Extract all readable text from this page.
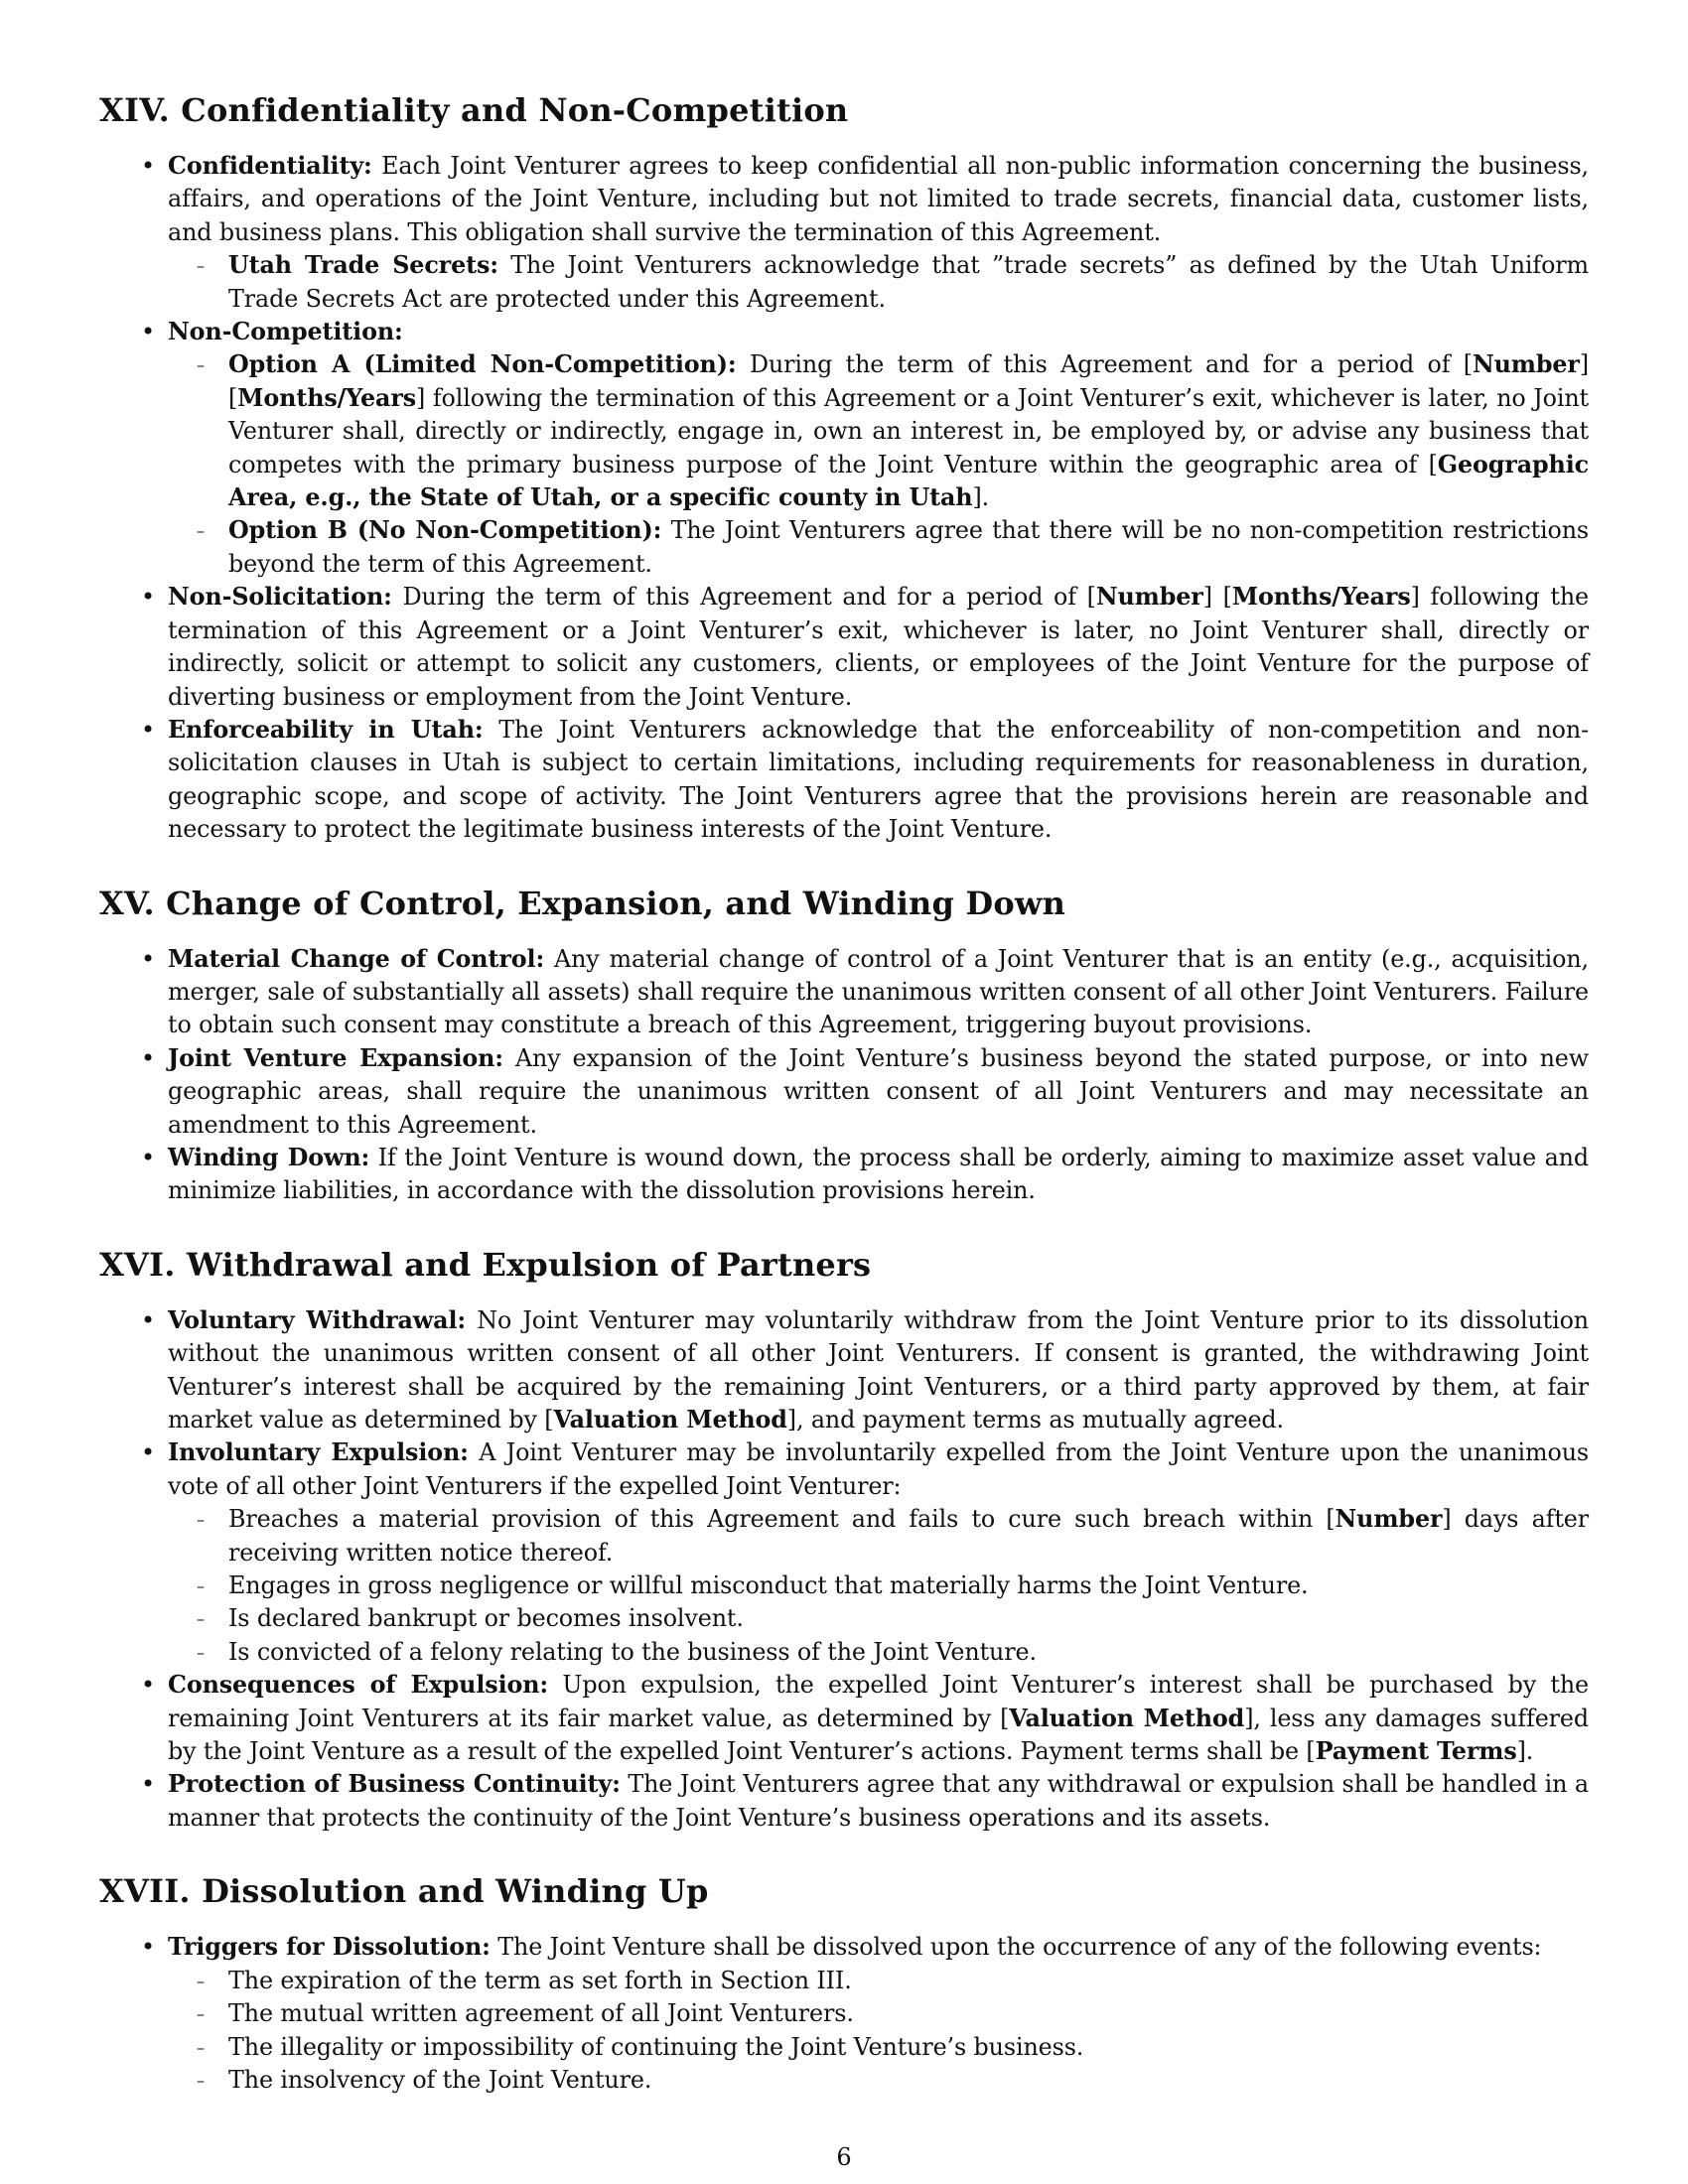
XIV. Confidentiality and Non-Competition
• Confidentiality: Each Joint Venturer agrees to keep confidential all non-public information concerning the business, affairs, and operations of the Joint Venture, including but not limited to trade secrets, financial data, customer lists, and business plans. This obligation shall survive the termination of this Agreement.
– Utah Trade Secrets: The Joint Venturers acknowledge that ”trade secrets” as defined by the Utah Uniform Trade Secrets Act are protected under this Agreement.
• Non-Competition:
– Option A (Limited Non-Competition): During the term of this Agreement and for a period of [Number] [Months/Years] following the termination of this Agreement or a Joint Venturer’s exit, whichever is later, no Joint Venturer shall, directly or indirectly, engage in, own an interest in, be employed by, or advise any business that competes with the primary business purpose of the Joint Venture within the geographic area of [Geographic Area, e.g., the State of Utah, or a specific county in Utah].
– Option B (No Non-Competition): The Joint Venturers agree that there will be no non-competition restrictions beyond the term of this Agreement.
• Non-Solicitation: During the term of this Agreement and for a period of [Number] [Months/Years] following the termination of this Agreement or a Joint Venturer’s exit, whichever is later, no Joint Venturer shall, directly or indirectly, solicit or attempt to solicit any customers, clients, or employees of the Joint Venture for the purpose of diverting business or employment from the Joint Venture.
• Enforceability in Utah: The Joint Venturers acknowledge that the enforceability of non-competition and non-solicitation clauses in Utah is subject to certain limitations, including requirements for reasonableness in duration, geographic scope, and scope of activity. The Joint Venturers agree that the provisions herein are reasonable and necessary to protect the legitimate business interests of the Joint Venture.
XV. Change of Control, Expansion, and Winding Down
• Material Change of Control: Any material change of control of a Joint Venturer that is an entity (e.g., acquisition, merger, sale of substantially all assets) shall require the unanimous written consent of all other Joint Venturers. Failure to obtain such consent may constitute a breach of this Agreement, triggering buyout provisions.
• Joint Venture Expansion: Any expansion of the Joint Venture’s business beyond the stated purpose, or into new geographic areas, shall require the unanimous written consent of all Joint Venturers and may necessitate an amendment to this Agreement.
• Winding Down: If the Joint Venture is wound down, the process shall be orderly, aiming to maximize asset value and minimize liabilities, in accordance with the dissolution provisions herein.
XVI. Withdrawal and Expulsion of Partners
• Voluntary Withdrawal: No Joint Venturer may voluntarily withdraw from the Joint Venture prior to its dissolution without the unanimous written consent of all other Joint Venturers. If consent is granted, the withdrawing Joint Venturer’s interest shall be acquired by the remaining Joint Venturers, or a third party approved by them, at fair market value as determined by [Valuation Method], and payment terms as mutually agreed.
• Involuntary Expulsion: A Joint Venturer may be involuntarily expelled from the Joint Venture upon the unanimous vote of all other Joint Venturers if the expelled Joint Venturer:
– Breaches a material provision of this Agreement and fails to cure such breach within [Number] days after receiving written notice thereof.
– Engages in gross negligence or willful misconduct that materially harms the Joint Venture.
– Is declared bankrupt or becomes insolvent.
– Is convicted of a felony relating to the business of the Joint Venture.
• Consequences of Expulsion: Upon expulsion, the expelled Joint Venturer’s interest shall be purchased by the remaining Joint Venturers at its fair market value, as determined by [Valuation Method], less any damages suffered by the Joint Venture as a result of the expelled Joint Venturer’s actions. Payment terms shall be [Payment Terms].
• Protection of Business Continuity: The Joint Venturers agree that any withdrawal or expulsion shall be handled in a manner that protects the continuity of the Joint Venture’s business operations and its assets.
XVII. Dissolution and Winding Up
• Triggers for Dissolution: The Joint Venture shall be dissolved upon the occurrence of any of the following events:
– The expiration of the term as set forth in Section III.
– The mutual written agreement of all Joint Venturers.
– The illegality or impossibility of continuing the Joint Venture’s business.
– The insolvency of the Joint Venture.
6
